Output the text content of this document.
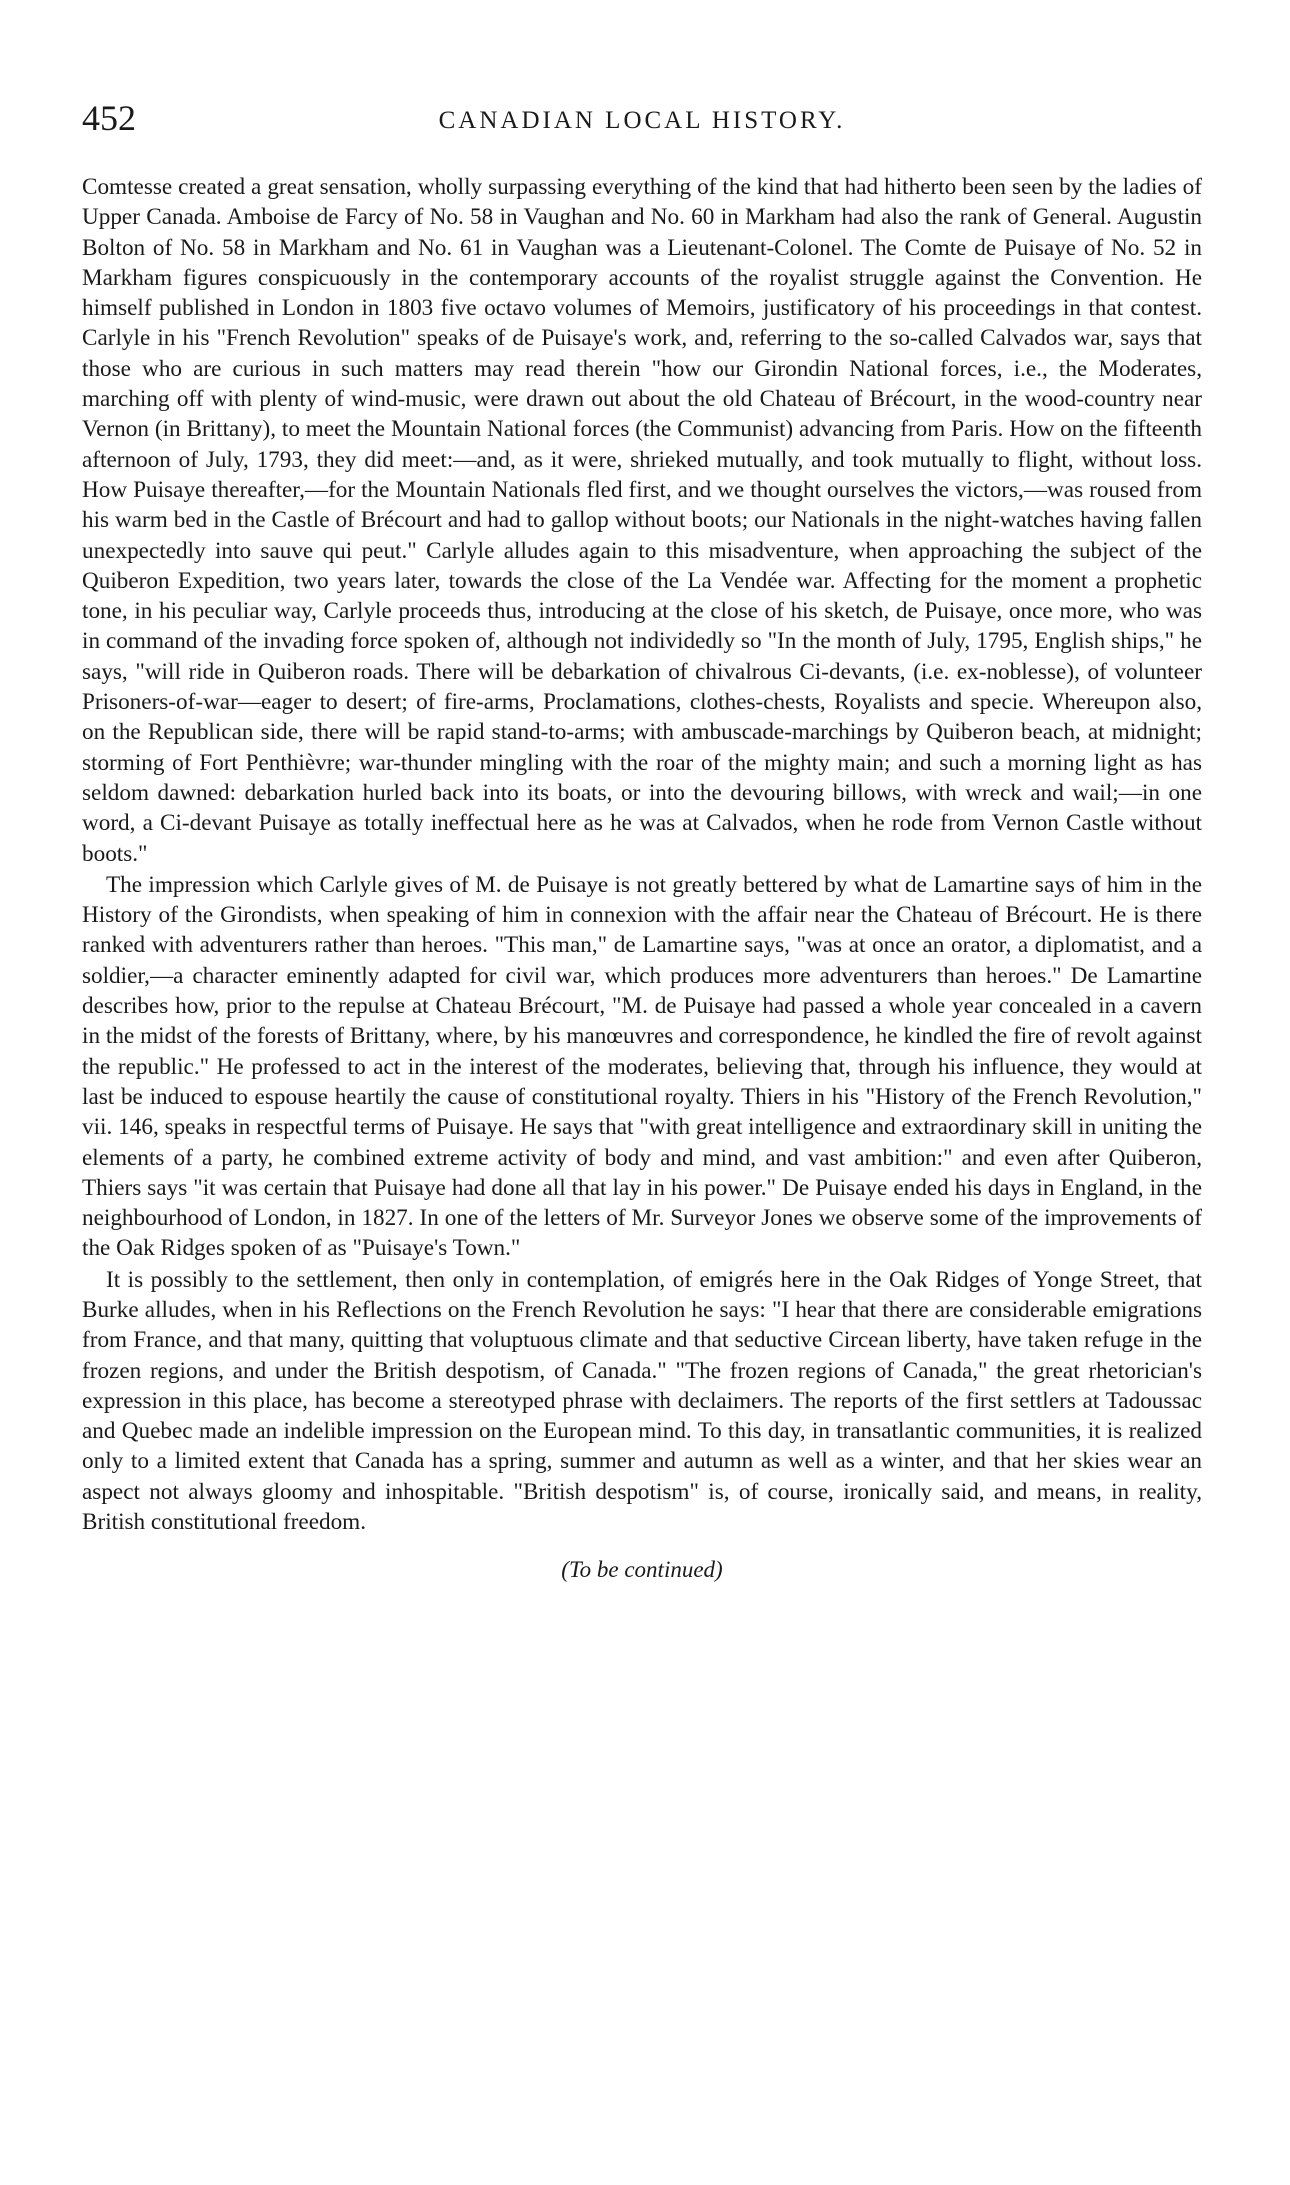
452	CANADIAN LOCAL HISTORY.

Comtesse created a great sensation, wholly surpassing everything of the kind that had hitherto been seen by the ladies of Upper Canada. Amboise de Farcy of No. 58 in Vaughan and No. 60 in Markham had also the rank of General. Augustin Bolton of No. 58 in Markham and No. 61 in Vaughan was a Lieutenant-Colonel. The Comte de Puisaye of No. 52 in Markham figures conspicuously in the contemporary accounts of the royalist struggle against the Convention. He himself published in London in 1803 five octavo volumes of Memoirs, justificatory of his proceedings in that contest. Carlyle in his "French Revolution" speaks of de Puisaye's work, and, referring to the so-called Calvados war, says that those who are curious in such matters may read therein "how our Girondin National forces, i.e., the Moderates, marching off with plenty of wind-music, were drawn out about the old Chateau of Brécourt, in the wood-country near Vernon (in Brittany), to meet the Mountain National forces (the Communist) advancing from Paris. How on the fifteenth afternoon of July, 1793, they did meet:—and, as it were, shrieked mutually, and took mutually to flight, without loss. How Puisaye thereafter,—for the Mountain Nationals fled first, and we thought ourselves the victors,—was roused from his warm bed in the Castle of Brécourt and had to gallop without boots; our Nationals in the night-watches having fallen unexpectedly into sauve qui peut." Carlyle alludes again to this misadventure, when approaching the subject of the Quiberon Expedition, two years later, towards the close of the La Vendée war. Affecting for the moment a prophetic tone, in his peculiar way, Carlyle proceeds thus, introducing at the close of his sketch, de Puisaye, once more, who was in command of the invading force spoken of, although not individedly so "In the month of July, 1795, English ships," he says, "will ride in Quiberon roads. There will be debarkation of chivalrous Ci-devants, (i.e. ex-noblesse), of volunteer Prisoners-of-war—eager to desert; of fire-arms, Proclamations, clothes-chests, Royalists and specie. Whereupon also, on the Republican side, there will be rapid stand-to-arms; with ambuscade-marchings by Quiberon beach, at midnight; storming of Fort Penthièvre; war-thunder mingling with the roar of the mighty main; and such a morning light as has seldom dawned: debarkation hurled back into its boats, or into the devouring billows, with wreck and wail;—in one word, a Ci-devant Puisaye as totally ineffectual here as he was at Calvados, when he rode from Vernon Castle without boots."

The impression which Carlyle gives of M. de Puisaye is not greatly bettered by what de Lamartine says of him in the History of the Girondists, when speaking of him in connexion with the affair near the Chateau of Brécourt. He is there ranked with adventurers rather than heroes. "This man," de Lamartine says, "was at once an orator, a diplomatist, and a soldier,—a character eminently adapted for civil war, which produces more adventurers than heroes." De Lamartine describes how, prior to the repulse at Chateau Brécourt, "M. de Puisaye had passed a whole year concealed in a cavern in the midst of the forests of Brittany, where, by his manœuvres and correspondence, he kindled the fire of revolt against the republic." He professed to act in the interest of the moderates, believing that, through his influence, they would at last be induced to espouse heartily the cause of constitutional royalty. Thiers in his "History of the French Revolution," vii. 146, speaks in respectful terms of Puisaye. He says that "with great intelligence and extraordinary skill in uniting the elements of a party, he combined extreme activity of body and mind, and vast ambition:" and even after Quiberon, Thiers says "it was certain that Puisaye had done all that lay in his power." De Puisaye ended his days in England, in the neighbourhood of London, in 1827. In one of the letters of Mr. Surveyor Jones we observe some of the improvements of the Oak Ridges spoken of as "Puisaye's Town."

It is possibly to the settlement, then only in contemplation, of emigrés here in the Oak Ridges of Yonge Street, that Burke alludes, when in his Reflections on the French Revolution he says: "I hear that there are considerable emigrations from France, and that many, quitting that voluptuous climate and that seductive Circean liberty, have taken refuge in the frozen regions, and under the British despotism, of Canada." "The frozen regions of Canada," the great rhetorician's expression in this place, has become a stereotyped phrase with declaimers. The reports of the first settlers at Tadoussac and Quebec made an indelible impression on the European mind. To this day, in transatlantic communities, it is realized only to a limited extent that Canada has a spring, summer and autumn as well as a winter, and that her skies wear an aspect not always gloomy and inhospitable. "British despotism" is, of course, ironically said, and means, in reality, British constitutional freedom.

(To be continued)
